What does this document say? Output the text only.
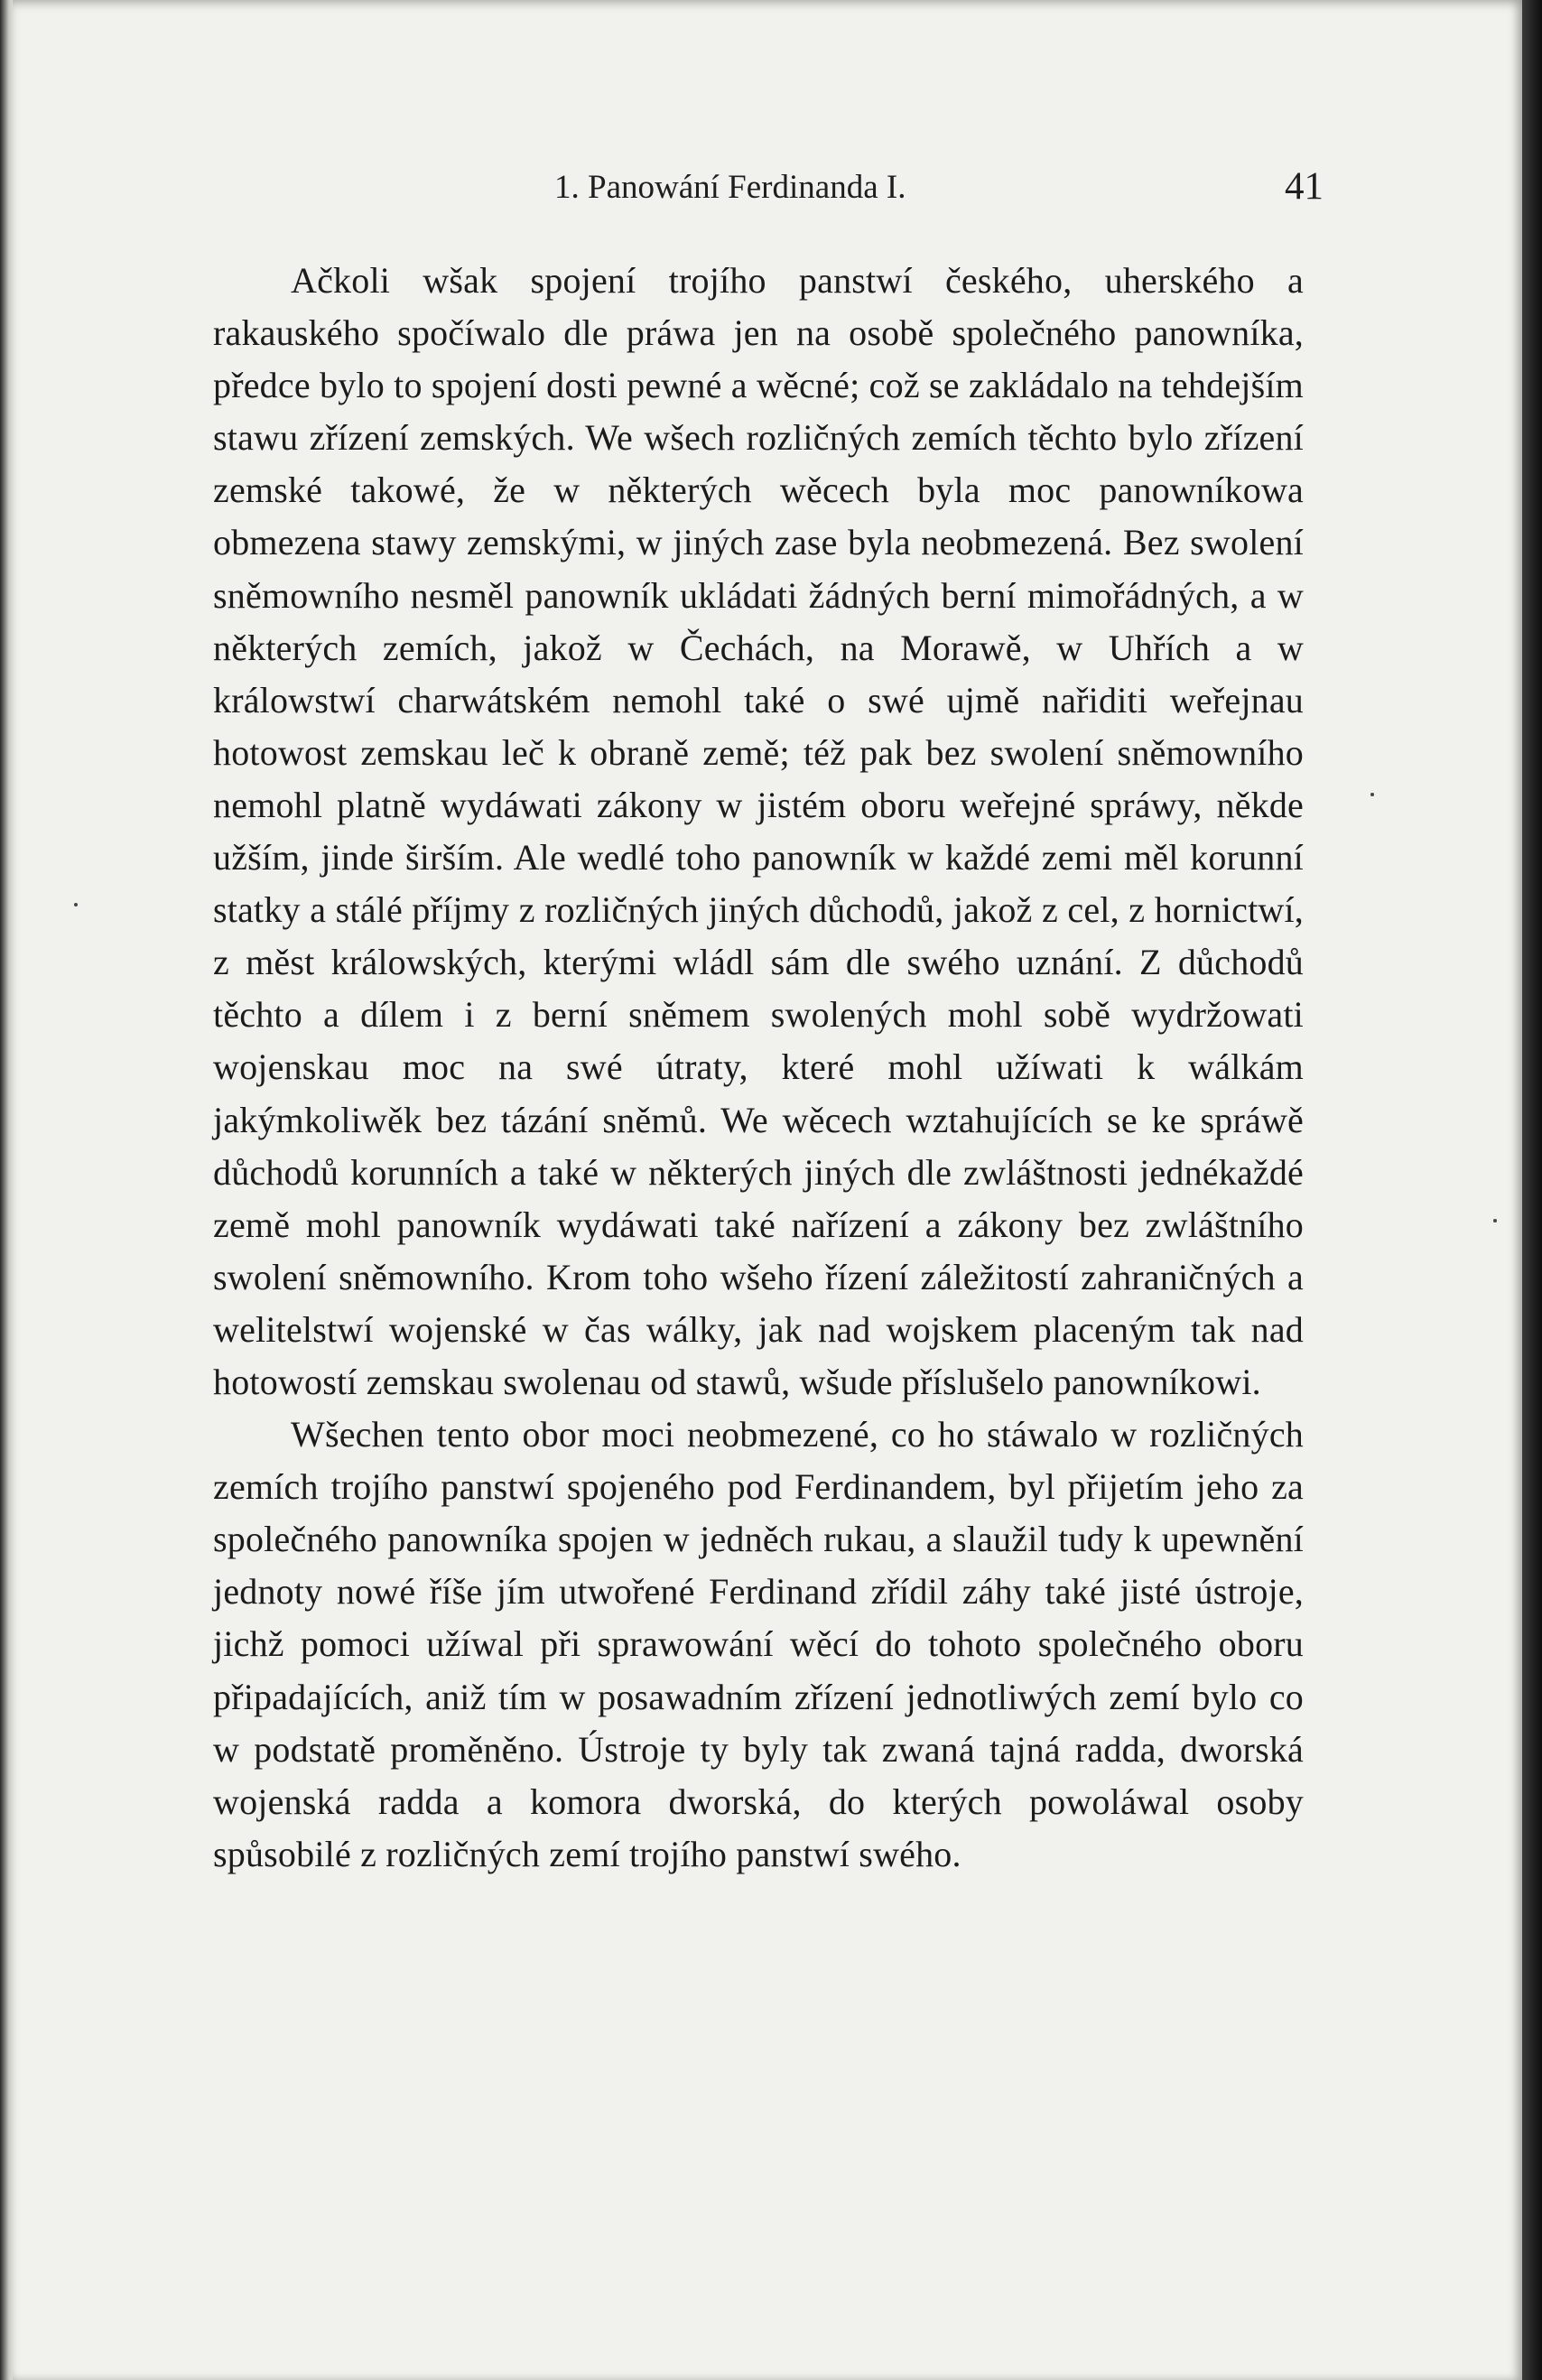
1. Panowání Ferdinanda I.	41

Ačkoli wšak spojení trojího panstwí českého, uherského a rakauského spočíwalo dle práwa jen na osobě společného panowníka, předce bylo to spojení dosti pewné a wěcné; což se zakládalo na tehdejším stawu zřízení zemských. We wšech rozličných zemích těchto bylo zřízení zemské takowé, že w některých wěcech byla moc panowníkowa obmezena stawy zemskými, w jiných zase byla neobmezená. Bez swolení sněmowního nesměl panowník ukládati žádných berní mimořádných, a w některých zemích, jakož w Čechách, na Morawě, w Uhřích a w králowstwí charwátském nemohl také o swé ujmě nařiditi weřejnau hotowost zemskau leč k obraně země; též pak bez swolení sněmowního nemohl platně wydáwati zákony w jistém oboru weřejné spráwy, někde užším, jinde širším. Ale wedlé toho panowník w každé zemi měl korunní statky a stálé příjmy z rozličných jiných důchodů, jakož z cel, z hornictwí, z měst králowských, kterými wládl sám dle swého uznání. Z důchodů těchto a dílem i z berní sněmem swolených mohl sobě wydržowati wojenskau moc na swé útraty, které mohl užíwati k wálkám jakýmkoliwěk bez tázání sněmů. We wěcech wztahujících se ke spráwě důchodů korunních a také w některých jiných dle zwláštnosti jednékaždé země mohl panowník wydáwati také nařízení a zákony bez zwláštního swolení sněmowního. Krom toho wšeho řízení záležitostí zahraničných a welitelstwí wojenské w čas wálky, jak nad wojskem placeným tak nad hotowostí zemskau swolenau od stawů, wšude příslušelo panowníkowi.

Wšechen tento obor moci neobmezené, co ho stáwalo w rozličných zemích trojího panstwí spojeného pod Ferdinandem, byl přijetím jeho za společného panowníka spojen w jedněch rukau, a slaužil tudy k upewnění jednoty nowé říše jím utwořené Ferdinand zřídil záhy také jisté ústroje, jichž pomoci užíwal při sprawowání wěcí do tohoto společného oboru připadajících, aniž tím w posawadním zřízení jednotliwých zemí bylo co w podstatě proměněno. Ústroje ty byly tak zwaná tajná radda, dworská wojenská radda a komora dworská, do kterých powoláwal osoby spůsobilé z rozličných zemí trojího panstwí swého.
